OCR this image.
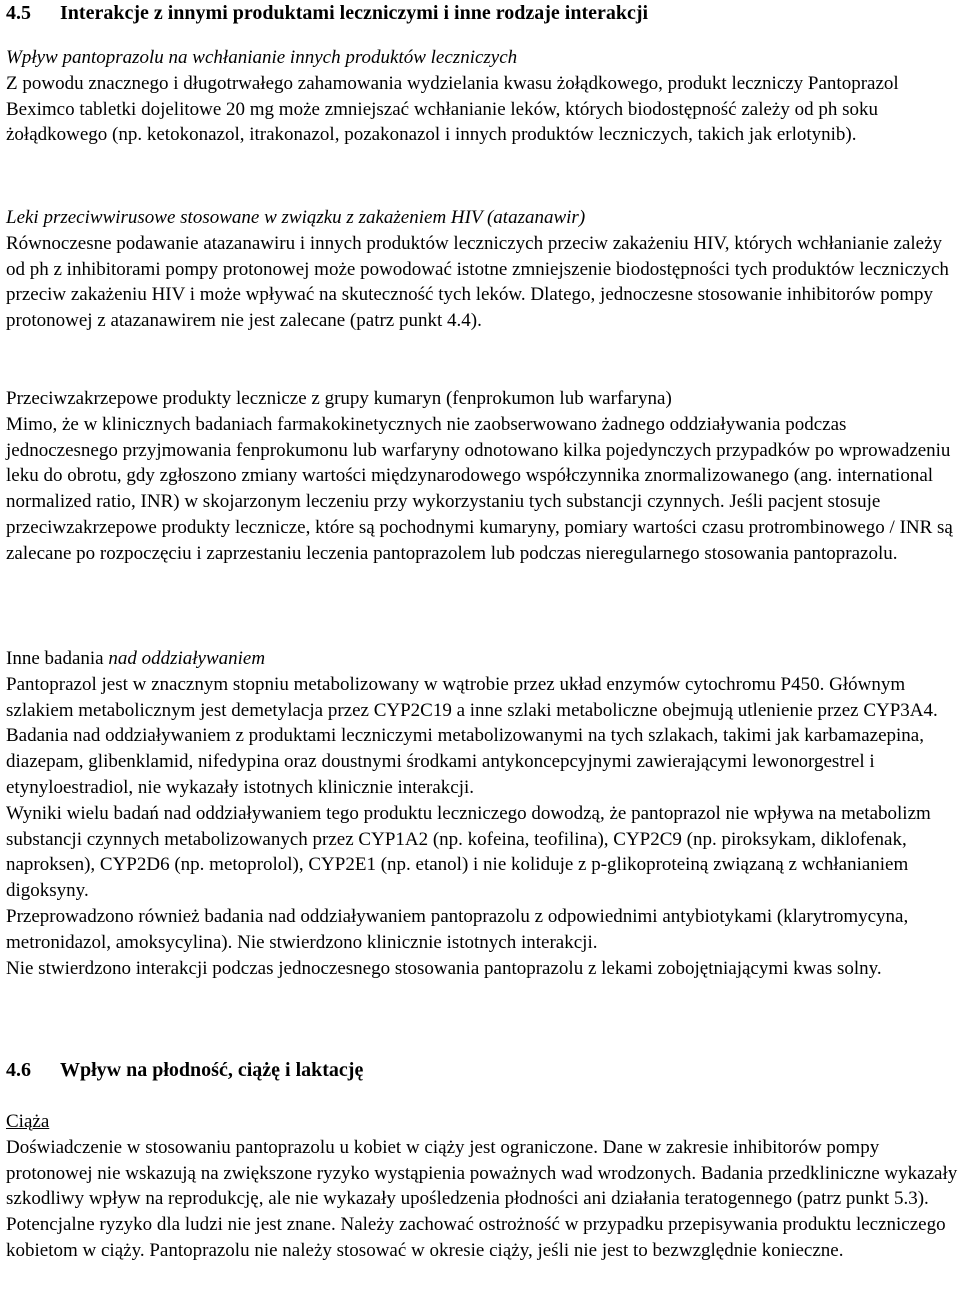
4.5 Interakcje z innymi produktami leczniczymi i inne rodzaje interakcji

Wpływ pantoprazolu na wchłanianie innych produktów leczniczych

Z powodu znacznego i długotrwałego zahamowania wydzielania kwasu żołądkowego, produkt leczniczy Pantoprazol Beximco tabletki dojelitowe 20 mg może zmniejszać wchłanianie leków, których biodostępność zależy od ph soku żołądkowego (np. ketokonazol, itrakonazol, pozakonazol i innych produktów leczniczych, takich jak erlotynib).

Leki przeciwwirusowe stosowane w związku z zakażeniem HIV (atazanawir)

Równoczesne podawanie atazanawiru i innych produktów leczniczych przeciw zakażeniu HIV, których wchłanianie zależy od ph z inhibitorami pompy protonowej może powodować istotne zmniejszenie biodostępności tych produktów leczniczych przeciw zakażeniu HIV i może wpływać na skuteczność tych leków. Dlatego, jednoczesne stosowanie inhibitorów pompy protonowej z atazanawirem nie jest zalecane (patrz punkt 4.4).

Przeciwzakrzepowe produkty lecznicze z grupy kumaryn (fenprokumon lub warfaryna)

Mimo, że w klinicznych badaniach farmakokinetycznych nie zaobserwowano żadnego oddziaływania podczas jednoczesnego przyjmowania fenprokumonu lub warfaryny odnotowano kilka pojedynczych przypadków po wprowadzeniu leku do obrotu, gdy zgłoszono zmiany wartości międzynarodowego współczynnika znormalizowanego (ang. international normalized ratio, INR) w skojarzonym leczeniu przy wykorzystaniu tych substancji czynnych. Jeśli pacjent stosuje przeciwzakrzepowe produkty lecznicze, które są pochodnymi kumaryny, pomiary wartości czasu protrombinowego / INR są zalecane po rozpoczęciu i zaprzestaniu leczenia pantoprazolem lub podczas nieregularnego stosowania pantoprazolu.

Inne badania nad oddziaływaniem

Pantoprazol jest w znacznym stopniu metabolizowany w wątrobie przez układ enzymów cytochromu P450. Głównym szlakiem metabolicznym jest demetylacja przez CYP2C19 a inne szlaki metaboliczne obejmują utlenienie przez CYP3A4.

Badania nad oddziaływaniem z produktami leczniczymi metabolizowanymi na tych szlakach, takimi jak karbamazepina, diazepam, glibenklamid, nifedypina oraz doustnymi środkami antykoncepcyjnymi zawierającymi lewonorgestrel i etynyloestradiol, nie wykazały istotnych klinicznie interakcji.

Wyniki wielu badań nad oddziaływaniem tego produktu leczniczego dowodzą, że pantoprazol nie wpływa na metabolizm substancji czynnych metabolizowanych przez CYP1A2 (np. kofeina, teofilina), CYP2C9 (np. piroksykam, diklofenak, naproksen), CYP2D6 (np. metoprolol), CYP2E1 (np. etanol) i nie koliduje z p-glikoproteiną związaną z wchłanianiem digoksyny.

Przeprowadzono również badania nad oddziaływaniem pantoprazolu z odpowiednimi antybiotykami (klarytromycyna, metronidazol, amoksycylina). Nie stwierdzono klinicznie istotnych interakcji.

Nie stwierdzono interakcji podczas jednoczesnego stosowania pantoprazolu z lekami zobojętniającymi kwas solny.

4.6 Wpływ na płodność, ciążę i laktację

Ciąża

Doświadczenie w stosowaniu pantoprazolu u kobiet w ciąży jest ograniczone. Dane w zakresie inhibitorów pompy protonowej nie wskazują na zwiększone ryzyko wystąpienia poważnych wad wrodzonych. Badania przedkliniczne wykazały szkodliwy wpływ na reprodukcję, ale nie wykazały upośledzenia płodności ani działania teratogennego (patrz punkt 5.3). Potencjalne ryzyko dla ludzi nie jest znane. Należy zachować ostrożność w przypadku przepisywania produktu leczniczego kobietom w ciąży. Pantoprazolu nie należy stosować w okresie ciąży, jeśli nie jest to bezwzględnie konieczne.
